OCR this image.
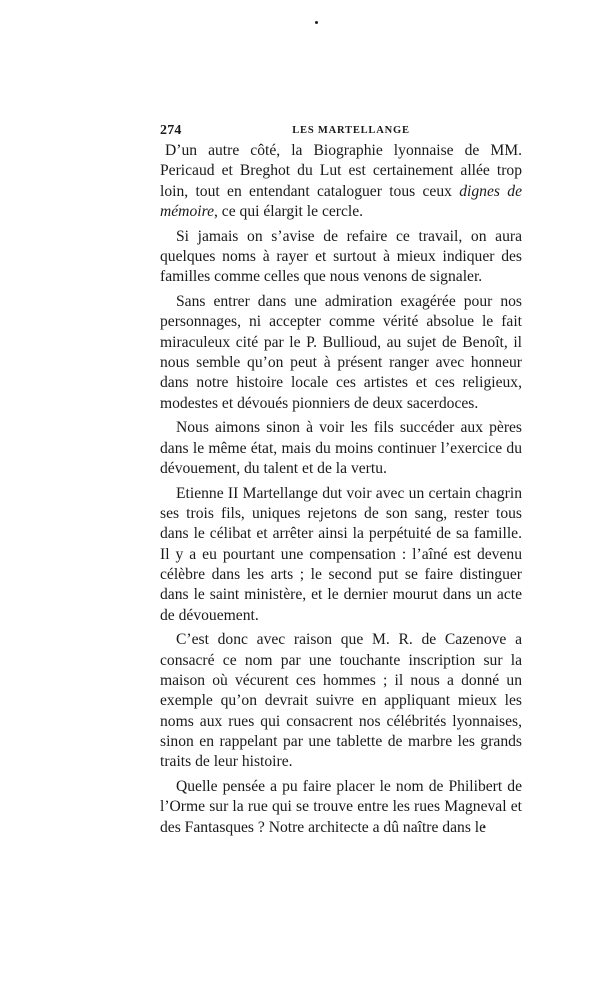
274	LES MARTELLANGE

D’un autre côté, la Biographie lyonnaise de MM. Pericaud et Breghot du Lut est certainement allée trop loin, tout en entendant cataloguer tous ceux dignes de mémoire, ce qui élargit le cercle.

Si jamais on s’avise de refaire ce travail, on aura quelques noms à rayer et surtout à mieux indiquer des familles comme celles que nous venons de signaler.

Sans entrer dans une admiration exagérée pour nos personnages, ni accepter comme vérité absolue le fait miraculeux cité par le P. Bullioud, au sujet de Benoît, il nous semble qu’on peut à présent ranger avec honneur dans notre histoire locale ces artistes et ces religieux, modestes et dévoués pionniers de deux sacerdoces.

Nous aimons sinon à voir les fils succéder aux pères dans le même état, mais du moins continuer l’exercice du dévouement, du talent et de la vertu.

Etienne II Martellange dut voir avec un certain chagrin ses trois fils, uniques rejetons de son sang, rester tous dans le célibat et arrêter ainsi la perpétuité de sa famille. Il y a eu pourtant une compensation : l’aîné est devenu célèbre dans les arts ; le second put se faire distinguer dans le saint ministère, et le dernier mourut dans un acte de dévouement.

C’est donc avec raison que M. R. de Cazenove a consacré ce nom par une touchante inscription sur la maison où vécurent ces hommes ; il nous a donné un exemple qu’on devrait suivre en appliquant mieux les noms aux rues qui consacrent nos célébrités lyonnaises, sinon en rappelant par une tablette de marbre les grands traits de leur histoire.

Quelle pensée a pu faire placer le nom de Philibert de l’Orme sur la rue qui se trouve entre les rues Magneval et des Fantasques ? Notre architecte a dû naître dans le
